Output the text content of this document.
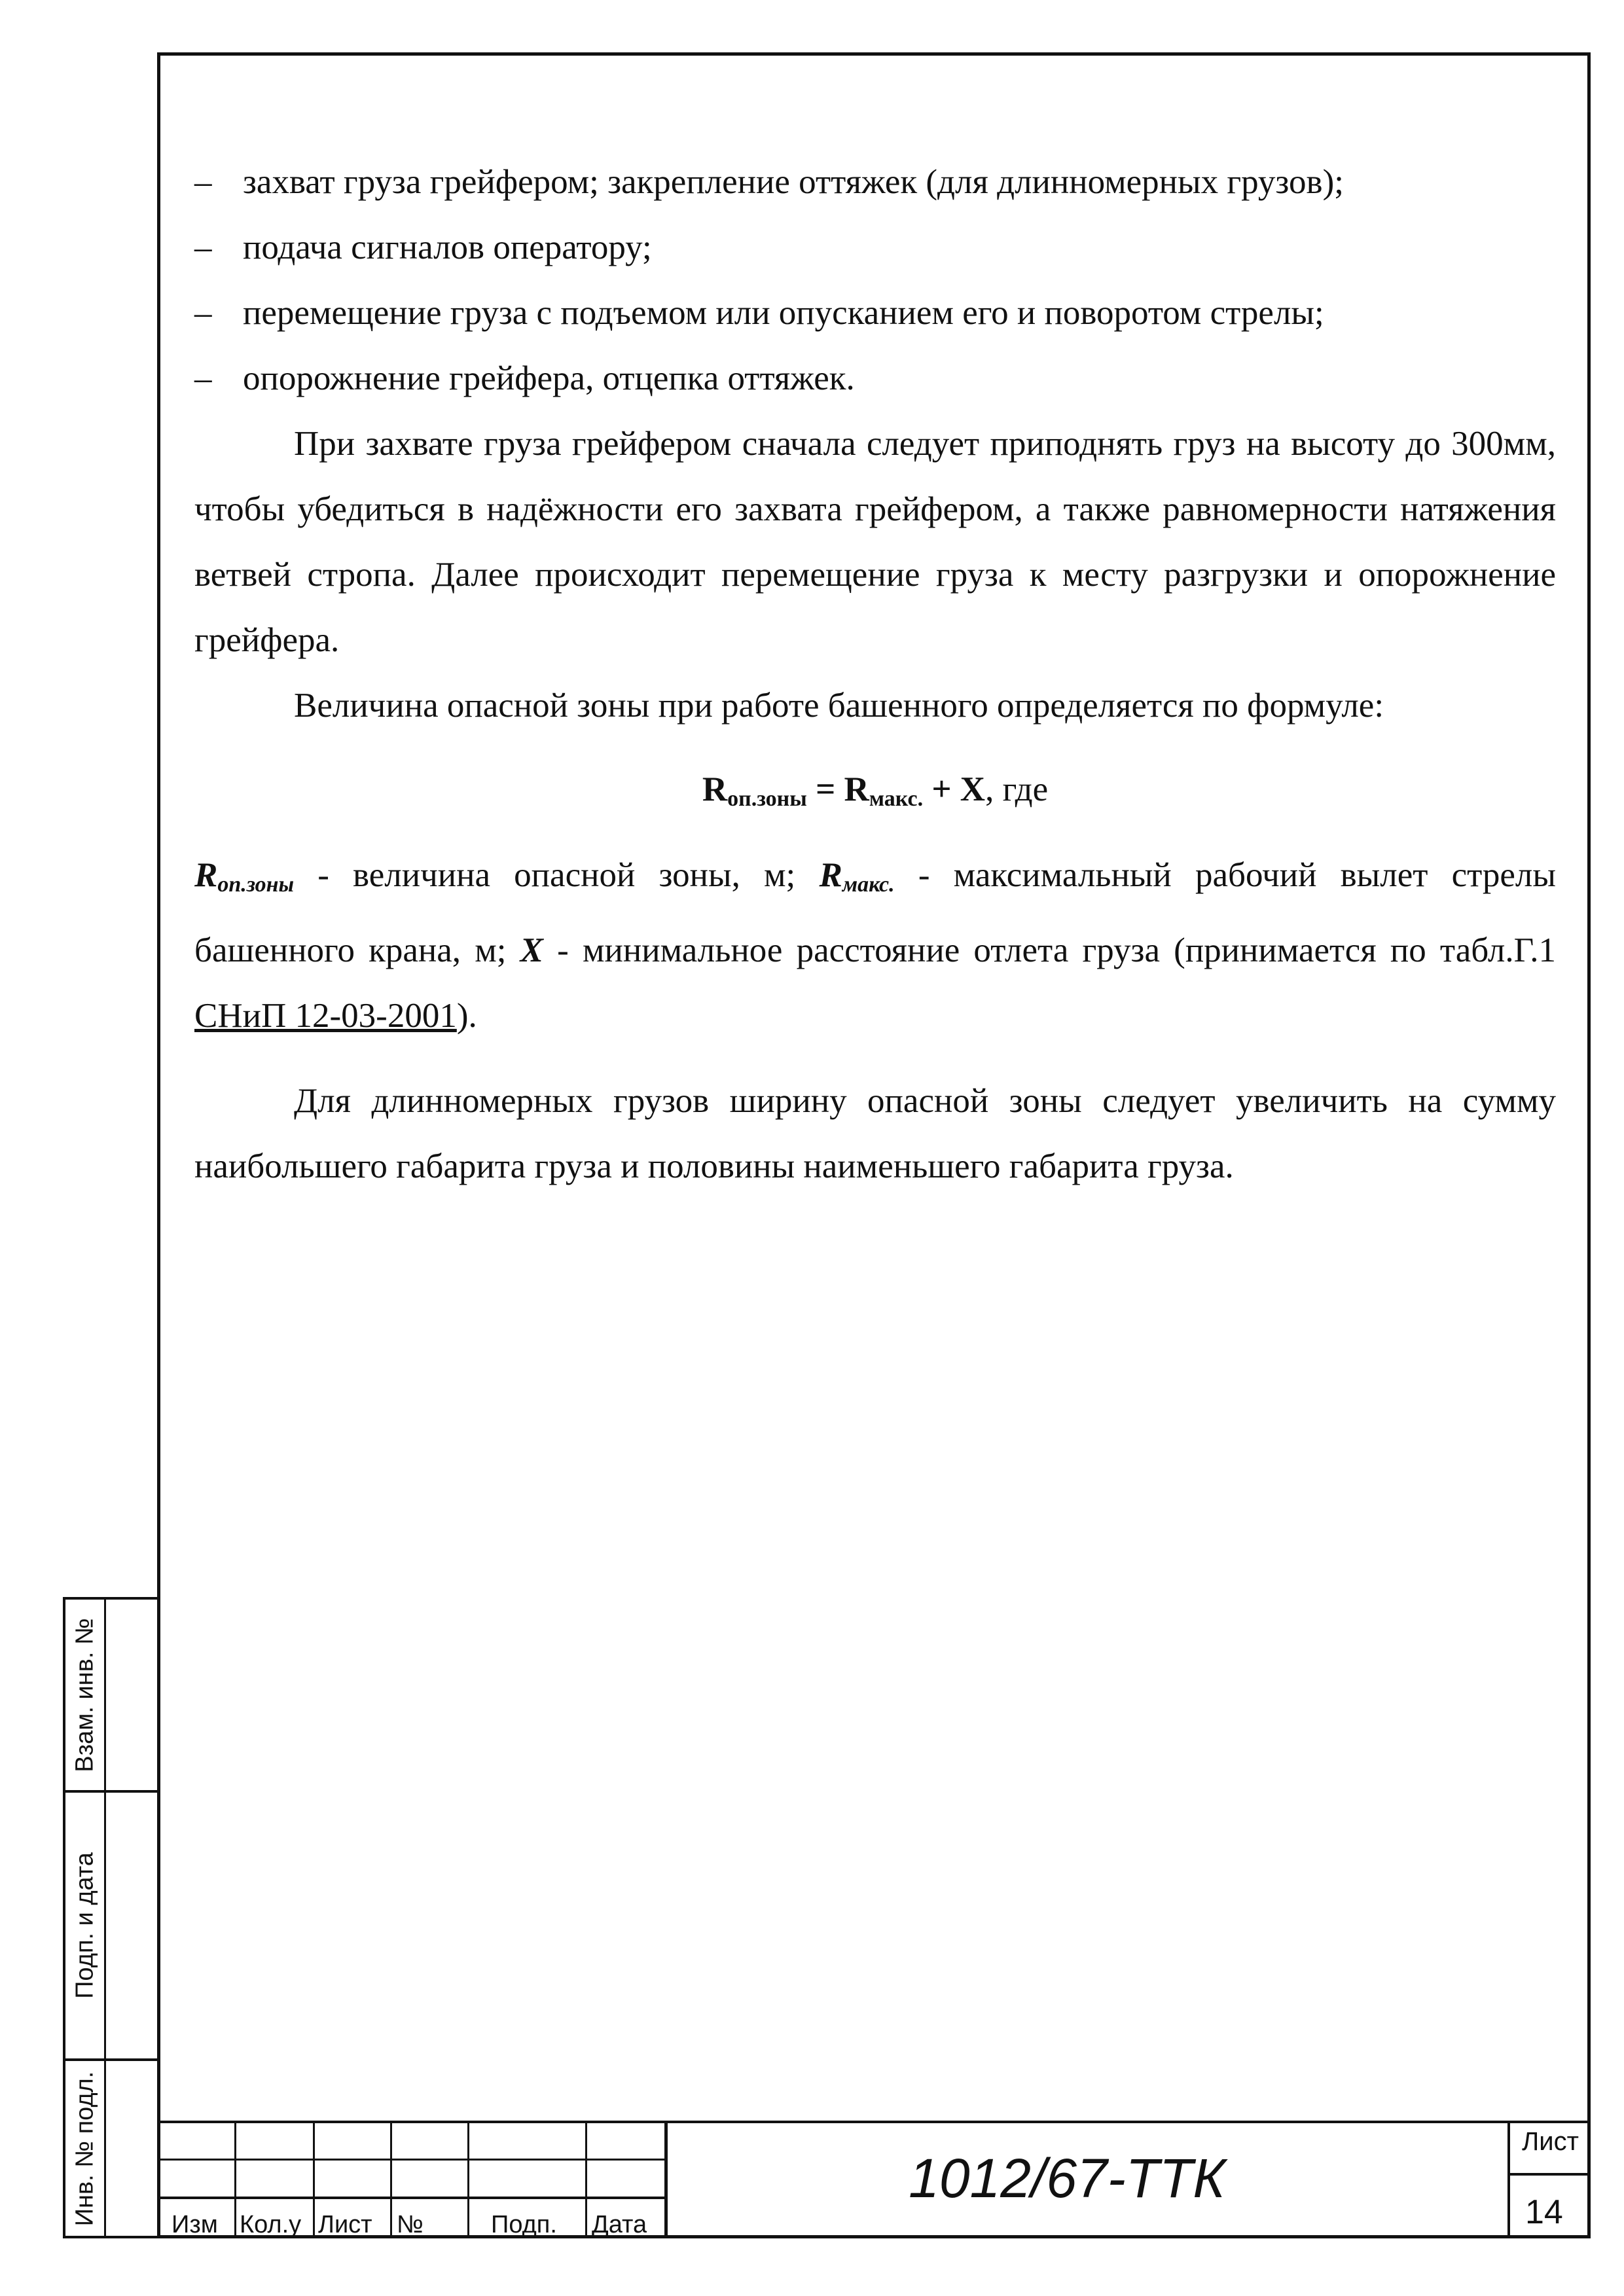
Взам. инв. №
Подп. и дата
Инв. № подл.
– захват груза грейфером; закрепление оттяжек (для длинномерных грузов);
– подача сигналов оператору;
– перемещение груза с подъемом или опусканием его и поворотом стрелы;
– опорожнение грейфера, отцепка оттяжек.
При захвате груза грейфером сначала следует приподнять груз на высоту до 300мм, чтобы убедиться в надёжности его захвата грейфером, а также равномерности натяжения ветвей стропа. Далее происходит перемещение груза к месту разгрузки и опорожнение грейфера.
Величина опасной зоны при работе башенного определяется по формуле:
$R_{оп.зоны} = R_{макс.} + X$, где
$R_{оп.зоны}$ - величина опасной зоны, м; $R_{макс.}$ - максимальный рабочий вылет стрелы башенного крана, м; X - минимальное расстояние отлета груза (принимается по табл.Г.1 СНиП 12-03-2001).
Для длинномерных грузов ширину опасной зоны следует увеличить на сумму наибольшего габарита груза и половины наименьшего габарита груза.
Изм Кол.у Лист №	Подп. Дата
1012/67-ТТК
Лист
14
